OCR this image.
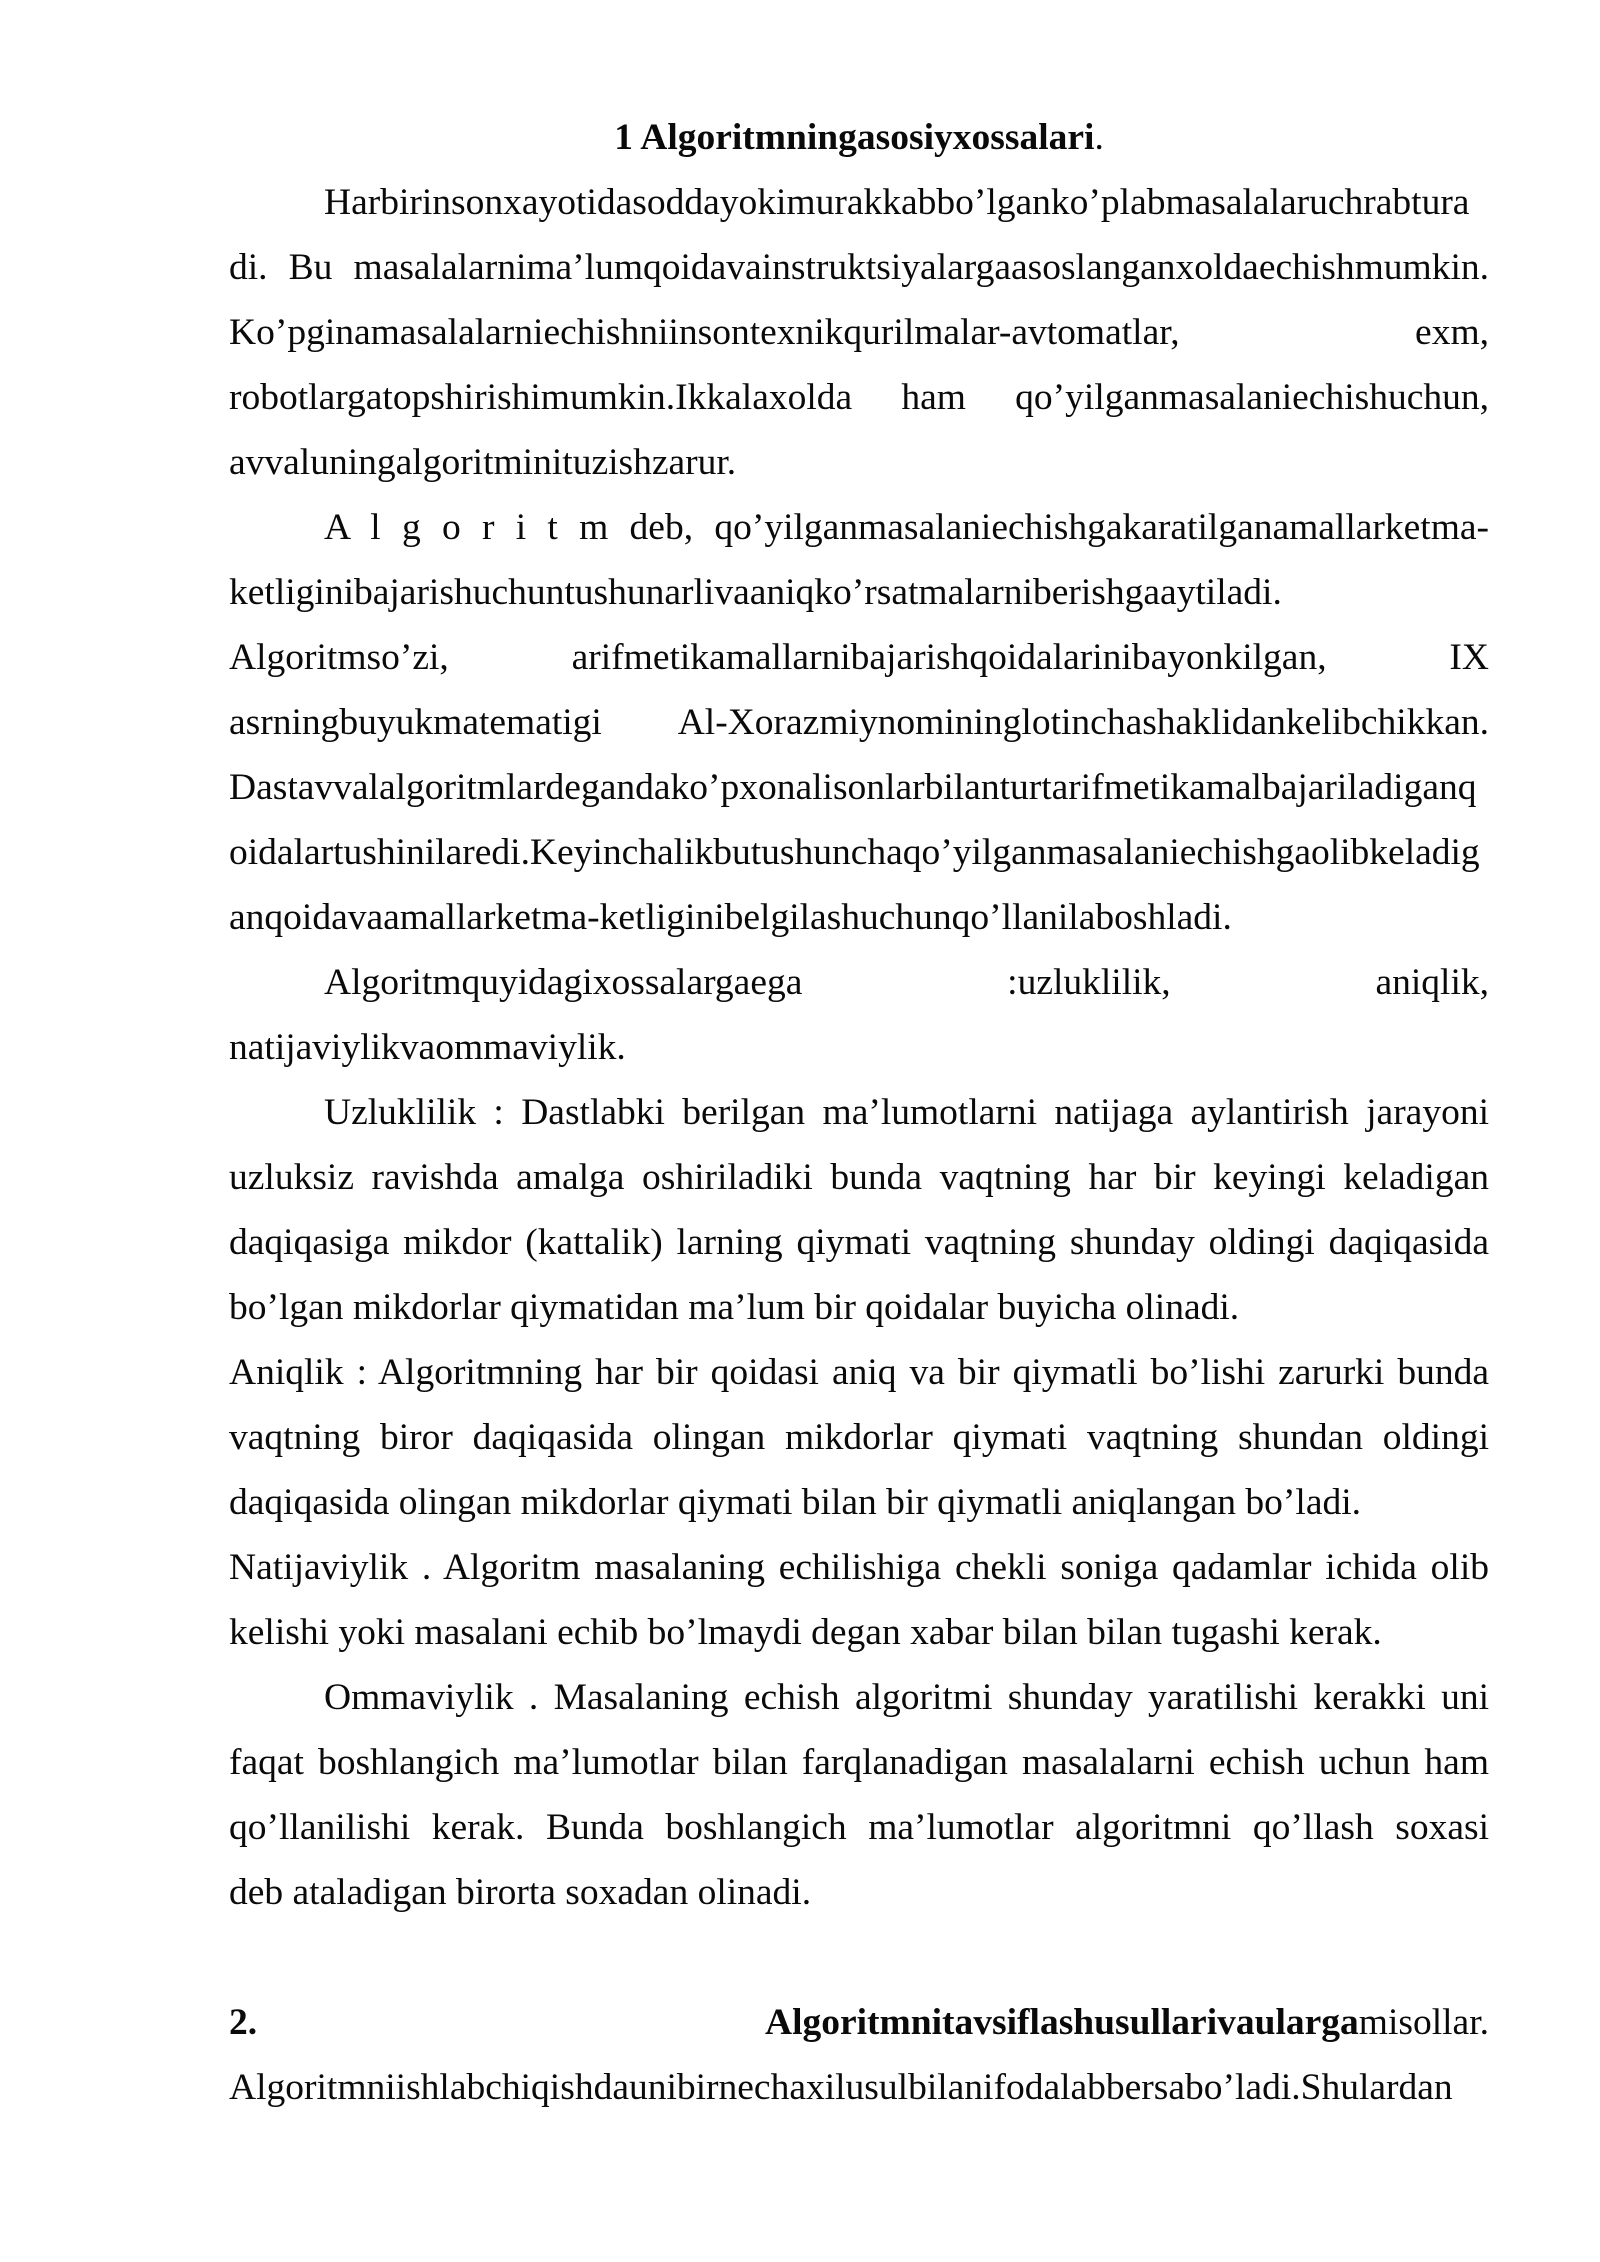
1 Algoritmningasosiyxossalari.
Harbirinsonxayotidasoddayokimurakkabbo’lganko’plabmasalalaruchrabtura
di. Bu masalalarnima’lumqoidavainstruktsiyalargaasoslanganxoldaechishmumkin.
Ko’pginamasalalarniechishniinsontexnikqurilmalar-avtomatlar, exm,
robotlargatopshirishimumkin.Ikkalaxolda ham qo’yilganmasalaniechishuchun,
avvaluningalgoritminituzishzarur.
A l g o r i t m deb, qo’yilganmasalaniechishgakaratilganamallarketma-
ketliginibajarishuchuntushunarlivaaniqko’rsatmalarniberishgaaytiladi.
Algoritmso’zi, arifmetikamallarnibajarishqoidalarinibayonkilgan, IX
asrningbuyukmatematigi Al-Xorazmiynomininglotinchashaklidankelibchikkan.
Dastavvalalgoritmlardegandako’pxonalisonlarbilanturtarifmetikamalbajariladiganq
oidalartushinilaredi.Keyinchalikbutushunchaqo’yilganmasalaniechishgaolibkeladig
anqoidavaamallarketma-ketliginibelgilashuchunqo’llanilaboshladi.
Algoritmquyidagixossalargaega :uzluklilik, aniqlik,
natijaviylikvaommaviylik.
Uzluklilik : Dastlabki berilgan ma’lumotlarni natijaga aylantirish jarayoni
uzluksiz ravishda amalga oshiriladiki bunda vaqtning har bir keyingi keladigan
daqiqasiga mikdor (kattalik) larning qiymati vaqtning shunday oldingi daqiqasida
bo’lgan mikdorlar qiymatidan ma’lum bir qoidalar buyicha olinadi.
Aniqlik : Algoritmning har bir qoidasi aniq va bir qiymatli bo’lishi zarurki bunda
vaqtning biror daqiqasida olingan mikdorlar qiymati vaqtning shundan oldingi
daqiqasida olingan mikdorlar qiymati bilan bir qiymatli aniqlangan bo’ladi.
Natijaviylik . Algoritm masalaning echilishiga chekli soniga qadamlar ichida olib
kelishi yoki masalani echib bo’lmaydi degan xabar bilan bilan tugashi kerak.
Ommaviylik . Masalaning echish algoritmi shunday yaratilishi kerakki uni
faqat boshlangich ma’lumotlar bilan farqlanadigan masalalarni echish uchun ham
qo’llanilishi kerak. Bunda boshlangich ma’lumotlar algoritmni qo’llash soxasi
deb ataladigan birorta soxadan olinadi.
2.	Algoritmnitavsiflashusullarivaulargamisollar.
Algoritmniishlabchiqishdaunibirnechaxilusulbilanifodalabbersabo’ladi.Shulardan
